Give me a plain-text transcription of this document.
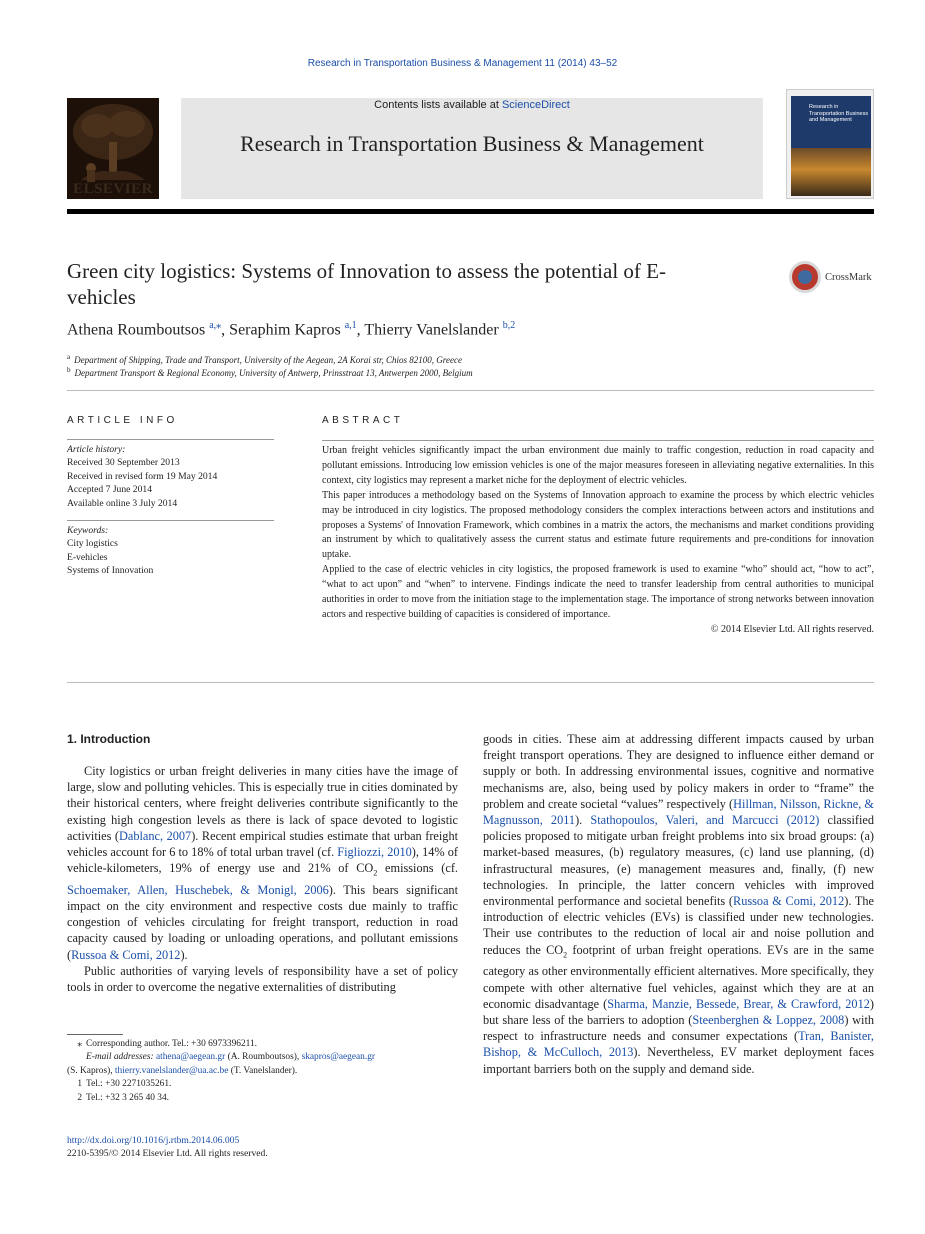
Research in Transportation Business & Management 11 (2014) 43–52
ELSEVIER
Contents lists available at ScienceDirect
Research in Transportation Business & Management
Research in Transportation Business and Management
Green city logistics: Systems of Innovation to assess the potential of E-vehicles
CrossMark
Athena Roumboutsos $^{a,⁎}$, Seraphim Kapros $^{a,1}$, Thierry Vanelslander $^{b,2}$
$^a$ Department of Shipping, Trade and Transport, University of the Aegean, 2A Korai str, Chios 82100, Greece
$^b$ Department Transport & Regional Economy, University of Antwerp, Prinsstraat 13, Antwerpen 2000, Belgium
ARTICLE INFO
Article history:
Received 30 September 2013
Received in revised form 19 May 2014
Accepted 7 June 2014
Available online 3 July 2014
Keywords:
City logistics
E-vehicles
Systems of Innovation
ABSTRACT

Urban freight vehicles significantly impact the urban environment due mainly to traffic congestion, reduction in road capacity and pollutant emissions. Introducing low emission vehicles is one of the major measures foreseen in alleviating negative externalities. In this context, city logistics may represent a market niche for the deployment of electric vehicles.

This paper introduces a methodology based on the Systems of Innovation approach to examine the process by which electric vehicles may be introduced in city logistics. The proposed methodology considers the complex interactions between actors and institutions and proposes a Systems' of Innovation Framework, which combines in a matrix the actors, the mechanisms and market conditions providing an instrument by which to qualitatively assess the current status and estimate future requirements and pre-conditions for innovation uptake.

Applied to the case of electric vehicles in city logistics, the proposed framework is used to examine “who” should act, “how to act”, “what to act upon” and “when” to intervene. Findings indicate the need to transfer leadership from central authorities to municipal authorities in order to move from the initiation stage to the implementation stage. The importance of strong networks between innovation actors and respective building of capacities is considered of importance.

© 2014 Elsevier Ltd. All rights reserved.

1. Introduction

City logistics or urban freight deliveries in many cities have the image of large, slow and polluting vehicles. This is especially true in cities dominated by their historical centers, where freight deliveries contribute significantly to the existing high congestion levels as there is lack of space devoted to logistic activities (Dablanc, 2007). Recent empirical studies estimate that urban freight vehicles account for 6 to 18% of total urban travel (cf. Figliozzi, 2010), 14% of vehicle-kilometers, 19% of energy use and 21% of $CO_2$ emissions (cf. Schoemaker, Allen, Huschebek, & Monigl, 2006). This bears significant impact on the city environment and respective costs due mainly to traffic congestion of vehicles circulating for freight transport, reduction in road capacity caused by loading or unloading operations, and pollutant emissions (Russoa & Comi, 2012).

Public authorities of varying levels of responsibility have a set of policy tools in order to overcome the negative externalities of distributing

goods in cities. These aim at addressing different impacts caused by urban freight transport operations. They are designed to influence either demand or supply or both. In addressing environmental issues, cognitive and normative mechanisms are, also, being used by policy makers in order to “frame” the problem and create societal “values” respectively (Hillman, Nilsson, Rickne, & Magnusson, 2011). Stathopoulos, Valeri, and Marcucci (2012) classified policies proposed to mitigate urban freight problems into six broad groups: (a) market-based measures, (b) regulatory measures, (c) land use planning, (d) infrastructural measures, (e) management measures and, finally, (f) new technologies. In principle, the latter concern vehicles with improved environmental performance and societal benefits (Russoa & Comi, 2012). The introduction of electric vehicles (EVs) is classified under new technologies. Their use contributes to the reduction of local air and noise pollution and reduces the $CO_2$ footprint of urban freight operations. EVs are in the same category as other environmentally efficient alternatives. More specifically, they compete with other alternative fuel vehicles, against which they are at an economic disadvantage (Sharma, Manzie, Bessede, Brear, & Crawford, 2012) but share less of the barriers to adoption (Steenberghen & Loppez, 2008) with respect to infrastructure needs and consumer expectations (Tran, Banister, Bishop, & McCulloch, 2013). Nevertheless, EV market deployment faces important barriers both on the supply and demand side.

⁎ Corresponding author. Tel.: +30 6973396211.
E-mail addresses: athena@aegean.gr (A. Roumboutsos), skapros@aegean.gr
(S. Kapros), thierry.vanelslander@ua.ac.be (T. Vanelslander).
1 Tel.: +30 2271035261.
2 Tel.: +32 3 265 40 34.
http://dx.doi.org/10.1016/j.rtbm.2014.06.005
2210-5395/© 2014 Elsevier Ltd. All rights reserved.
